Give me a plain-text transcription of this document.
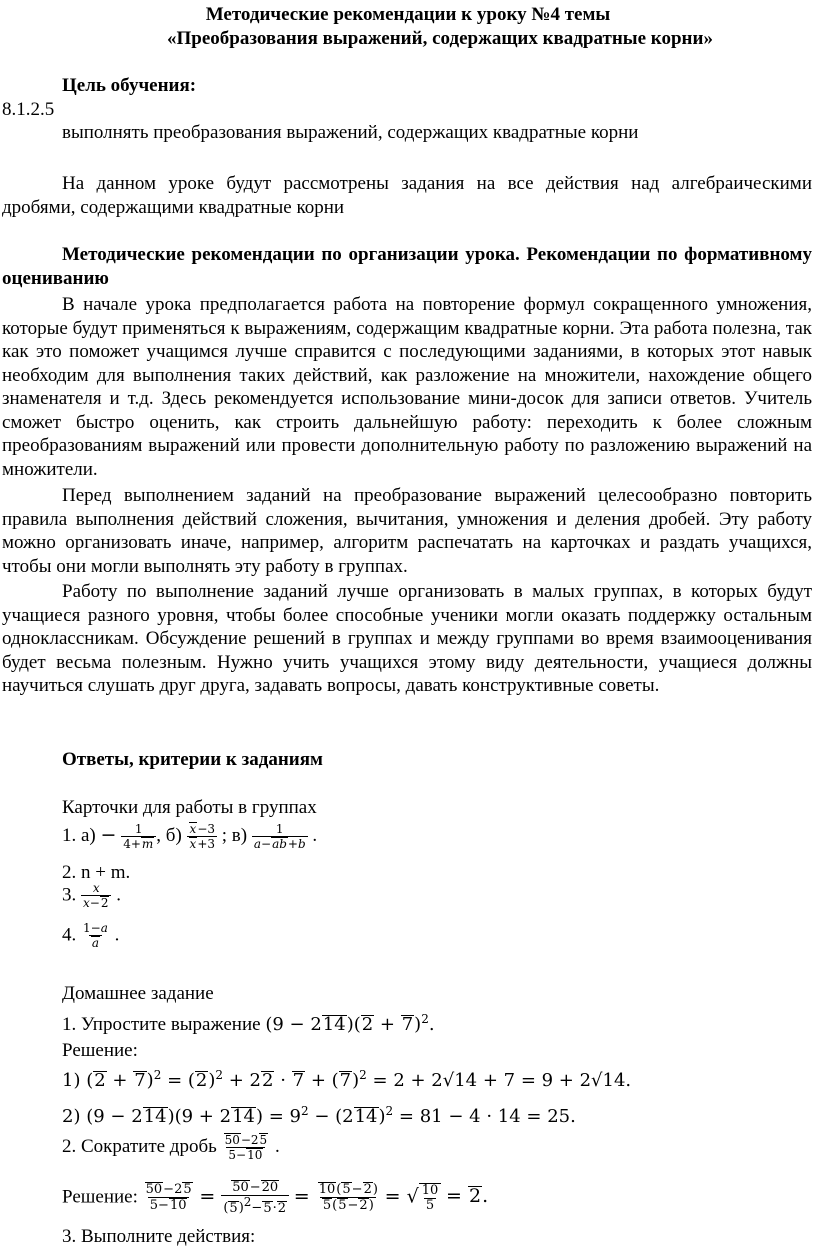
Методические рекомендации к уроку №4 темы
«Преобразования выражений, содержащих квадратные корни»
Цель обучения:
8.1.2.5
выполнять преобразования выражений, содержащих квадратные корни
На данном уроке будут рассмотрены задания на все действия над алгебраическими дробями, содержащими квадратные корни
Методические рекомендации по организации урока. Рекомендации по формативному оцениванию
В начале урока предполагается работа на повторение формул сокращенного умножения, которые будут применяться к выражениям, содержащим квадратные корни. Эта работа полезна, так как это поможет учащимся лучше справится с последующими заданиями, в которых этот навык необходим для выполнения таких действий, как разложение на множители, нахождение общего знаменателя и т.д. Здесь рекомендуется использование мини-досок для записи ответов. Учитель сможет быстро оценить, как строить дальнейшую работу: переходить к более сложным преобразованиям выражений или провести дополнительную работу по разложению выражений на множители.
Перед выполнением заданий на преобразование выражений целесообразно повторить правила выполнения действий сложения, вычитания, умножения и деления дробей. Эту работу можно организовать иначе, например, алгоритм распечатать на карточках и раздать учащихся, чтобы они могли выполнять эту работу в группах.
Работу по выполнение заданий лучше организовать в малых группах, в которых будут учащиеся разного уровня, чтобы более способные ученики могли оказать поддержку остальным одноклассникам. Обсуждение решений в группах и между группами во время взаимооценивания будет весьма полезным. Нужно учить учащихся этому виду деятельности, учащиеся должны научиться слушать друг друга, задавать вопросы, давать конструктивные советы.
Ответы, критерии к заданиям
Карточки для работы в группах
1. $а) - \frac{1}{4+m}$ , $б) \frac{x-3}{x+3}$ ; $в) \frac{1}{a-ab+b}$ .
2. n + m.
3. $\frac{x}{x-2}$ .
4. $\frac{1-a}{a}$ .
Домашнее задание
1. Упростите выражение $(9 - 214)(2 + 7)^2$.
Решение:
1) $(2 + 7)^2 = (2)^2 + 22 \cdot 7 + (7)^2 = 2 + 2√14 + 7 = 9 + 2√14$.
2) $(9 - 214)(9 + 214) = 9^2 - (214)^2 = 81 - 4 \cdot 14 = 25$.
2. Сократите дробь $\frac{50-25}{5-10}$ .
Решение: $\frac{50-25}{5-10} = \frac{50-20}{(5)^2-5\cdot 2} = \frac{10(5-2)}{5(5-2)}$ = √ $\frac{10}{5} = 2$.
3. Выполните действия:
